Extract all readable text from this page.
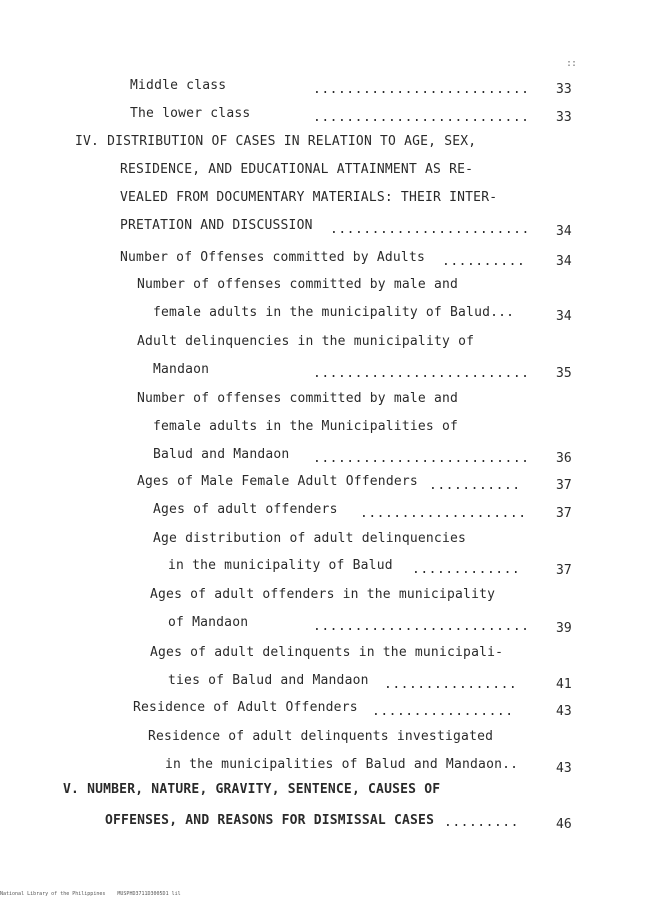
::
Middle class	.......................... 33
The lower class	.......................... 33
IV. DISTRIBUTION OF CASES IN RELATION TO AGE, SEX,
RESIDENCE, AND EDUCATIONAL ATTAINMENT AS RE-
VEALED FROM DOCUMENTARY MATERIALS: THEIR INTER-
PRETATION AND DISCUSSION ........................ 34
Number of Offenses committed by Adults .......... 34
Number of offenses committed by male and
female adults in the municipality of Balud...	34
Adult delinquencies in the municipality of
Mandaon	.......................... 35
Number of offenses committed by male and
female adults in the Municipalities of
Balud and Mandaon .......................... 36
Ages of Male Female Adult Offenders ...........	37
Ages of adult offenders .................... 37
Age distribution of adult delinquencies
in the municipality of Balud .............	37
Ages of adult offenders in the municipality
of Mandaon	.......................... 39
Ages of adult delinquents in the municipali-
ties of Balud and Mandaon ................	41
Residence of Adult Offenders .................	43
Residence of adult delinquents investigated
in the municipalities of Balud and Mandaon..	43
V. NUMBER, NATURE, GRAVITY, SENTENCE, CAUSES OF
OFFENSES, AND REASONS FOR DISMISSAL CASES .........	46
National Library of the Philippines    MUSPHD3711D3005D1 lil
